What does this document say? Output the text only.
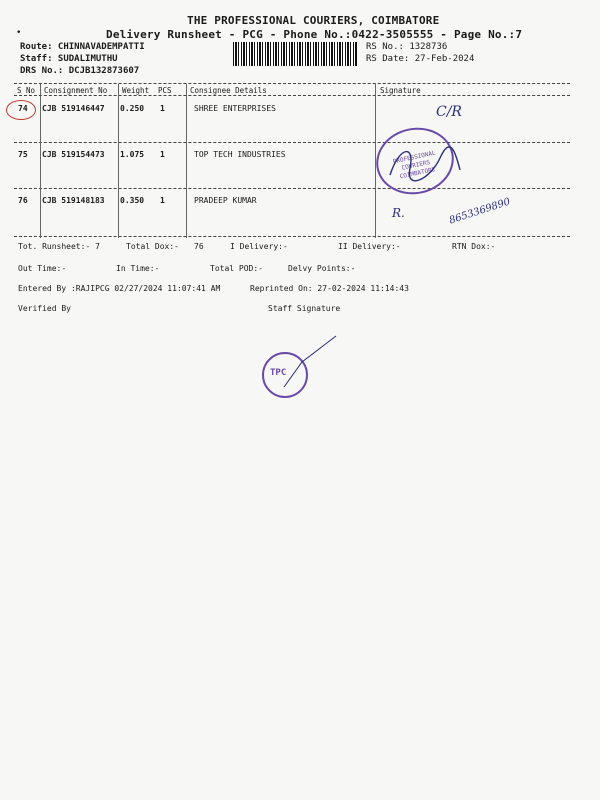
THE PROFESSIONAL COURIERS, COIMBATORE
Delivery Runsheet - PCG - Phone No.:0422-3505555 - Page No.:7
Route: CHINNAVADEMPATTI
Staff: SUDALIMUTHU
DRS No.: DCJB132873607
RS No.: 1328736
RS Date: 27-Feb-2024
•
S No Consignment No Weight PCS Consignee Details	Signature
74 CJB 519146447 0.250 1	SHREE ENTERPRISES
75 CJB 519154473 1.075 1	TOP TECH INDUSTRIES
76 CJB 519148183 0.350 1	PRADEEP KUMAR
Tot. Runsheet:- 7	Total Dox:- 76	I Delivery:-	II Delivery:-	RTN Dox:-
Out Time:-	In Time:-	Total POD:-	Delvy Points:-
Entered By :RAJIPCG 02/27/2024 11:07:41 AM	Reprinted On: 27-02-2024 11:14:43
Verified By	Staff Signature
C/R
PROFESSIONAL COURIERS COIMBATORE
R.	8653369890
TPC
